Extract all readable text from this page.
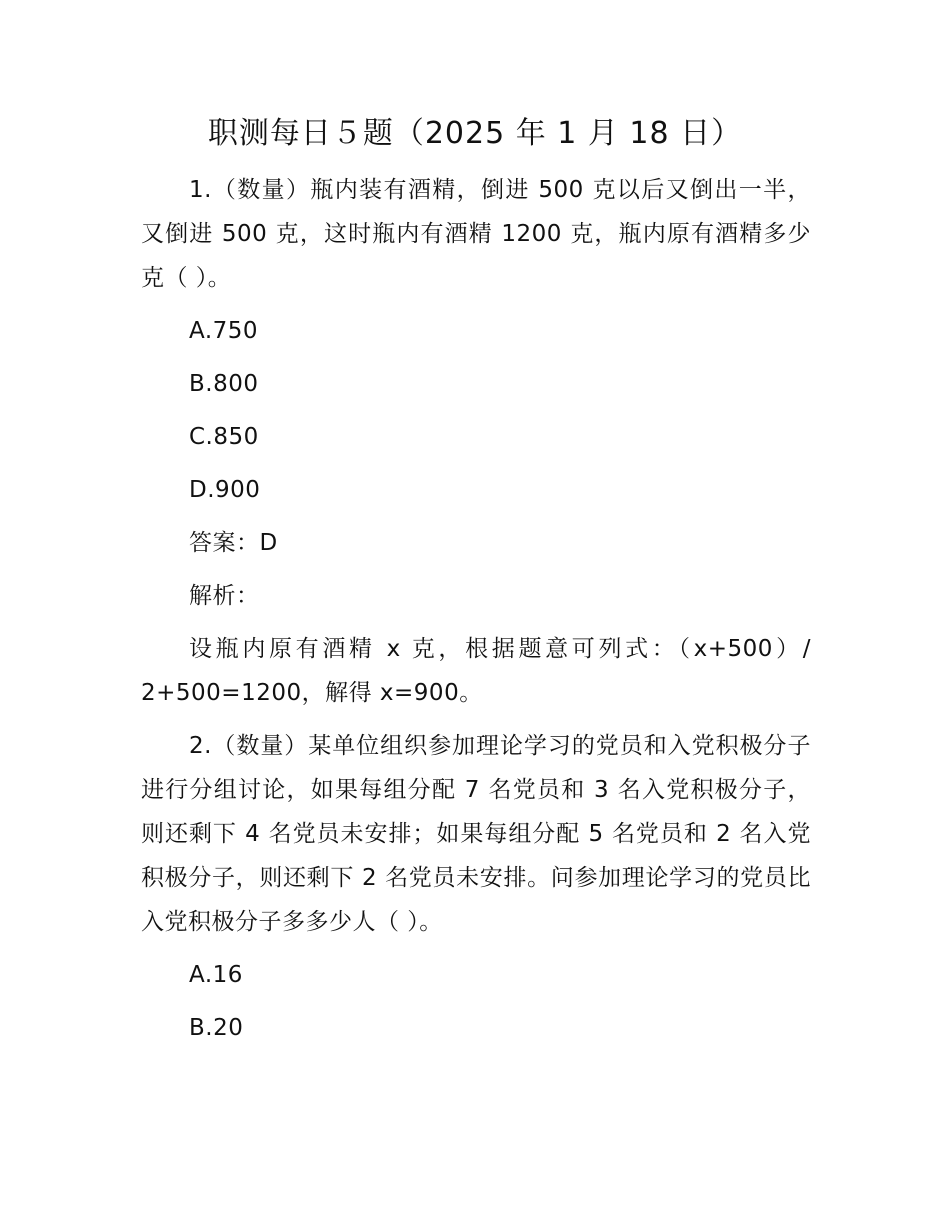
职测每日５题（2025 年 1 月 18 日）

1.（数量）瓶内装有酒精，倒进 500 克以后又倒出一半，又倒进 500 克，这时瓶内有酒精 1200 克，瓶内原有酒精多少克（ ）。

A.750

B.800

C.850

D.900

答案：D

解析：

设瓶内原有酒精 x 克，根据题意可列式：（x+500）/ 2+500=1200，解得 x=900。

2.（数量）某单位组织参加理论学习的党员和入党积极分子进行分组讨论，如果每组分配 7 名党员和 3 名入党积极分子，则还剩下 4 名党员未安排；如果每组分配 5 名党员和 2 名入党积极分子，则还剩下 2 名党员未安排。问参加理论学习的党员比入党积极分子多多少人（ ）。

A.16

B.20
